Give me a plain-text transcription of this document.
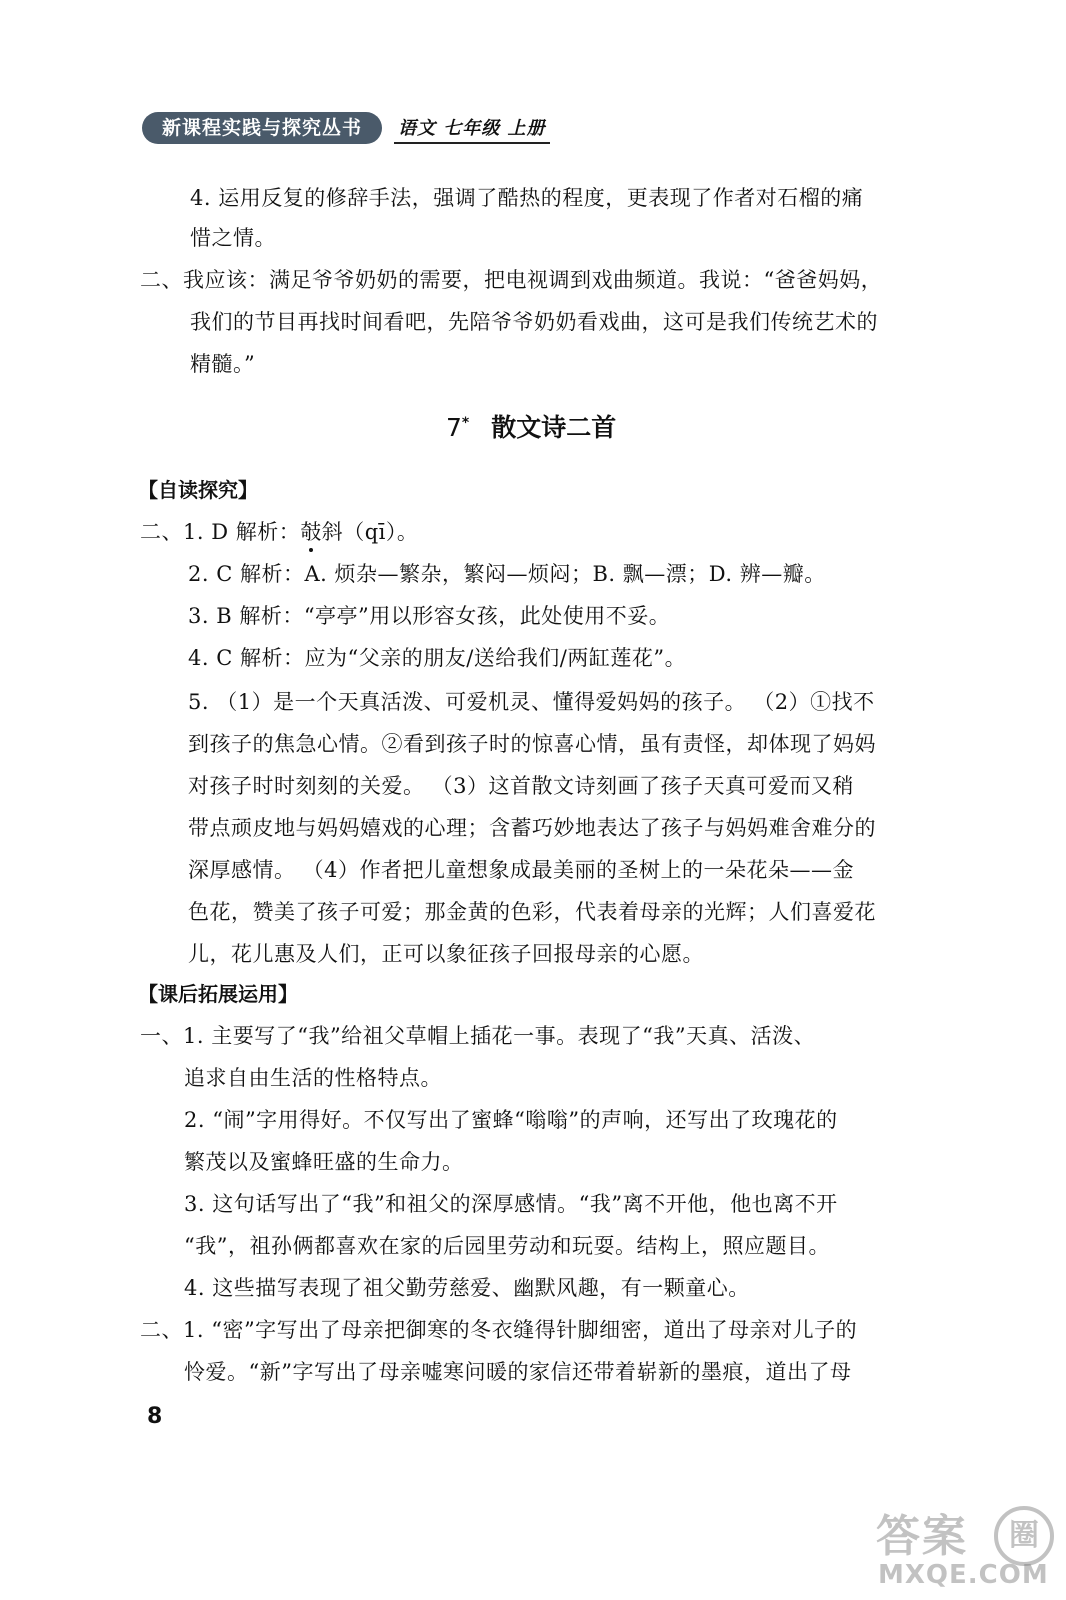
新课程实践与探究丛书	语文 七年级 上册
4. 运用反复的修辞手法，强调了酷热的程度，更表现了作者对石榴的痛
惜之情。
二、我应该：满足爷爷奶奶的需要，把电视调到戏曲频道。我说：“爸爸妈妈，
我们的节目再找时间看吧，先陪爷爷奶奶看戏曲，这可是我们传统艺术的
精髓。”
7* 散文诗二首
【自读探究】
二、1. D 解析：攲斜（qī）。
2. C 解析：A. 烦杂—繁杂，繁闷—烦闷；B. 飘—漂；D. 辨—瓣。
3. B 解析：“亭亭”用以形容女孩，此处使用不妥。
4. C 解析：应为“父亲的朋友/送给我们/两缸莲花”。
5. （1）是一个天真活泼、可爱机灵、懂得爱妈妈的孩子。 （2）①找不
到孩子的焦急心情。②看到孩子时的惊喜心情，虽有责怪，却体现了妈妈
对孩子时时刻刻的关爱。 （3）这首散文诗刻画了孩子天真可爱而又稍
带点顽皮地与妈妈嬉戏的心理；含蓄巧妙地表达了孩子与妈妈难舍难分的
深厚感情。 （4）作者把儿童想象成最美丽的圣树上的一朵花朵——金
色花，赞美了孩子可爱；那金黄的色彩，代表着母亲的光辉；人们喜爱花
儿，花儿惠及人们，正可以象征孩子回报母亲的心愿。
【课后拓展运用】
一、1. 主要写了“我”给祖父草帽上插花一事。表现了“我”天真、活泼、
追求自由生活的性格特点。
2. “闹”字用得好。不仅写出了蜜蜂“嗡嗡”的声响，还写出了玫瑰花的
繁茂以及蜜蜂旺盛的生命力。
3. 这句话写出了“我”和祖父的深厚感情。“我”离不开他，他也离不开
“我”，祖孙俩都喜欢在家的后园里劳动和玩耍。结构上，照应题目。
4. 这些描写表现了祖父勤劳慈爱、幽默风趣，有一颗童心。
二、1. “密”字写出了母亲把御寒的冬衣缝得针脚细密，道出了母亲对儿子的
怜爱。“新”字写出了母亲嘘寒问暖的家信还带着崭新的墨痕，道出了母
8
答案	圈
MXQE.COM
